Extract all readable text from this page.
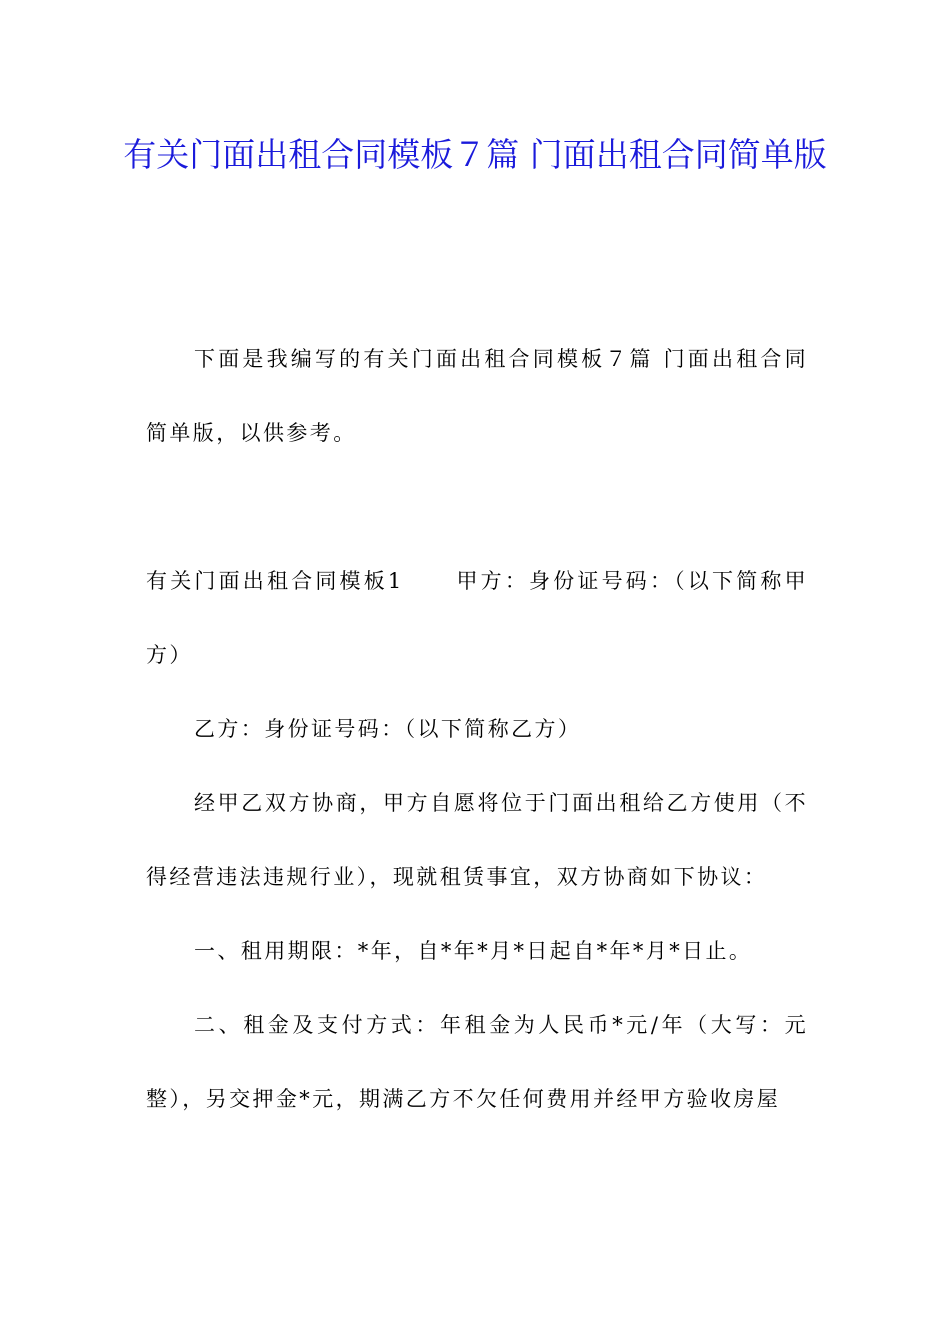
有关门面出租合同模板７篇 门面出租合同简单版

下面是我编写的有关门面出租合同模板７篇 门面出租合同简单版，以供参考。

有关门面出租合同模板1 甲方：身份证号码：（以下简称甲方）

乙方：身份证号码：（以下简称乙方）

经甲乙双方协商，甲方自愿将位于门面出租给乙方使用（不得经营违法违规行业），现就租赁事宜，双方协商如下协议：

一、租用期限：*年，自*年*月*日起自*年*月*日止。

二、租金及支付方式：年租金为人民币*元/年（大写：元整），另交押金*元，期满乙方不欠任何费用并经甲方验收房屋
